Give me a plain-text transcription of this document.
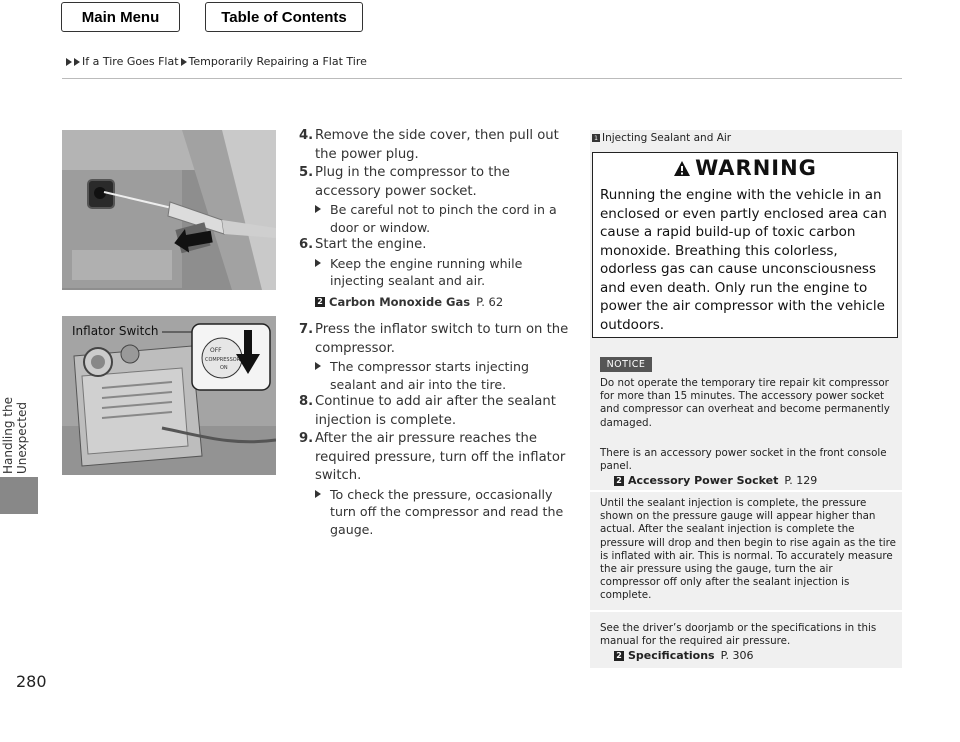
Main Menu	Table of Contents
If a Tire Goes Flat Temporarily Repairing a Flat Tire
Handling the Unexpected
280
OFF
COMPRESSOR
ON
Inflator Switch
4. Remove the side cover, then pull out the power plug.
5. Plug in the compressor to the accessory power socket.
Be careful not to pinch the cord in a door or window.
6. Start the engine.
Keep the engine running while injecting sealant and air.
2 Carbon Monoxide Gas P. 62
7. Press the inflator switch to turn on the compressor.
The compressor starts injecting sealant and air into the tire.
8. Continue to add air after the sealant injection is complete.
9. After the air pressure reaches the required pressure, turn off the inflator switch.
To check the pressure, occasionally turn off the compressor and read the gauge.
1 Injecting Sealant and Air
WARNING
Running the engine with the vehicle in an enclosed or even partly enclosed area can cause a rapid build-up of toxic carbon monoxide. Breathing this colorless, odorless gas can cause unconsciousness and even death. Only run the engine to power the air compressor with the vehicle outdoors.
NOTICE
Do not operate the temporary tire repair kit compressor for more than 15 minutes. The accessory power socket and compressor can overheat and become permanently damaged.
There is an accessory power socket in the front console panel.
2 Accessory Power Socket P. 129
Until the sealant injection is complete, the pressure shown on the pressure gauge will appear higher than actual. After the sealant injection is complete the pressure will drop and then begin to rise again as the tire is inflated with air. This is normal. To accurately measure the air pressure using the gauge, turn the air compressor off only after the sealant injection is complete.
See the driver’s doorjamb or the specifications in this manual for the required air pressure.
2 Specifications P. 306
